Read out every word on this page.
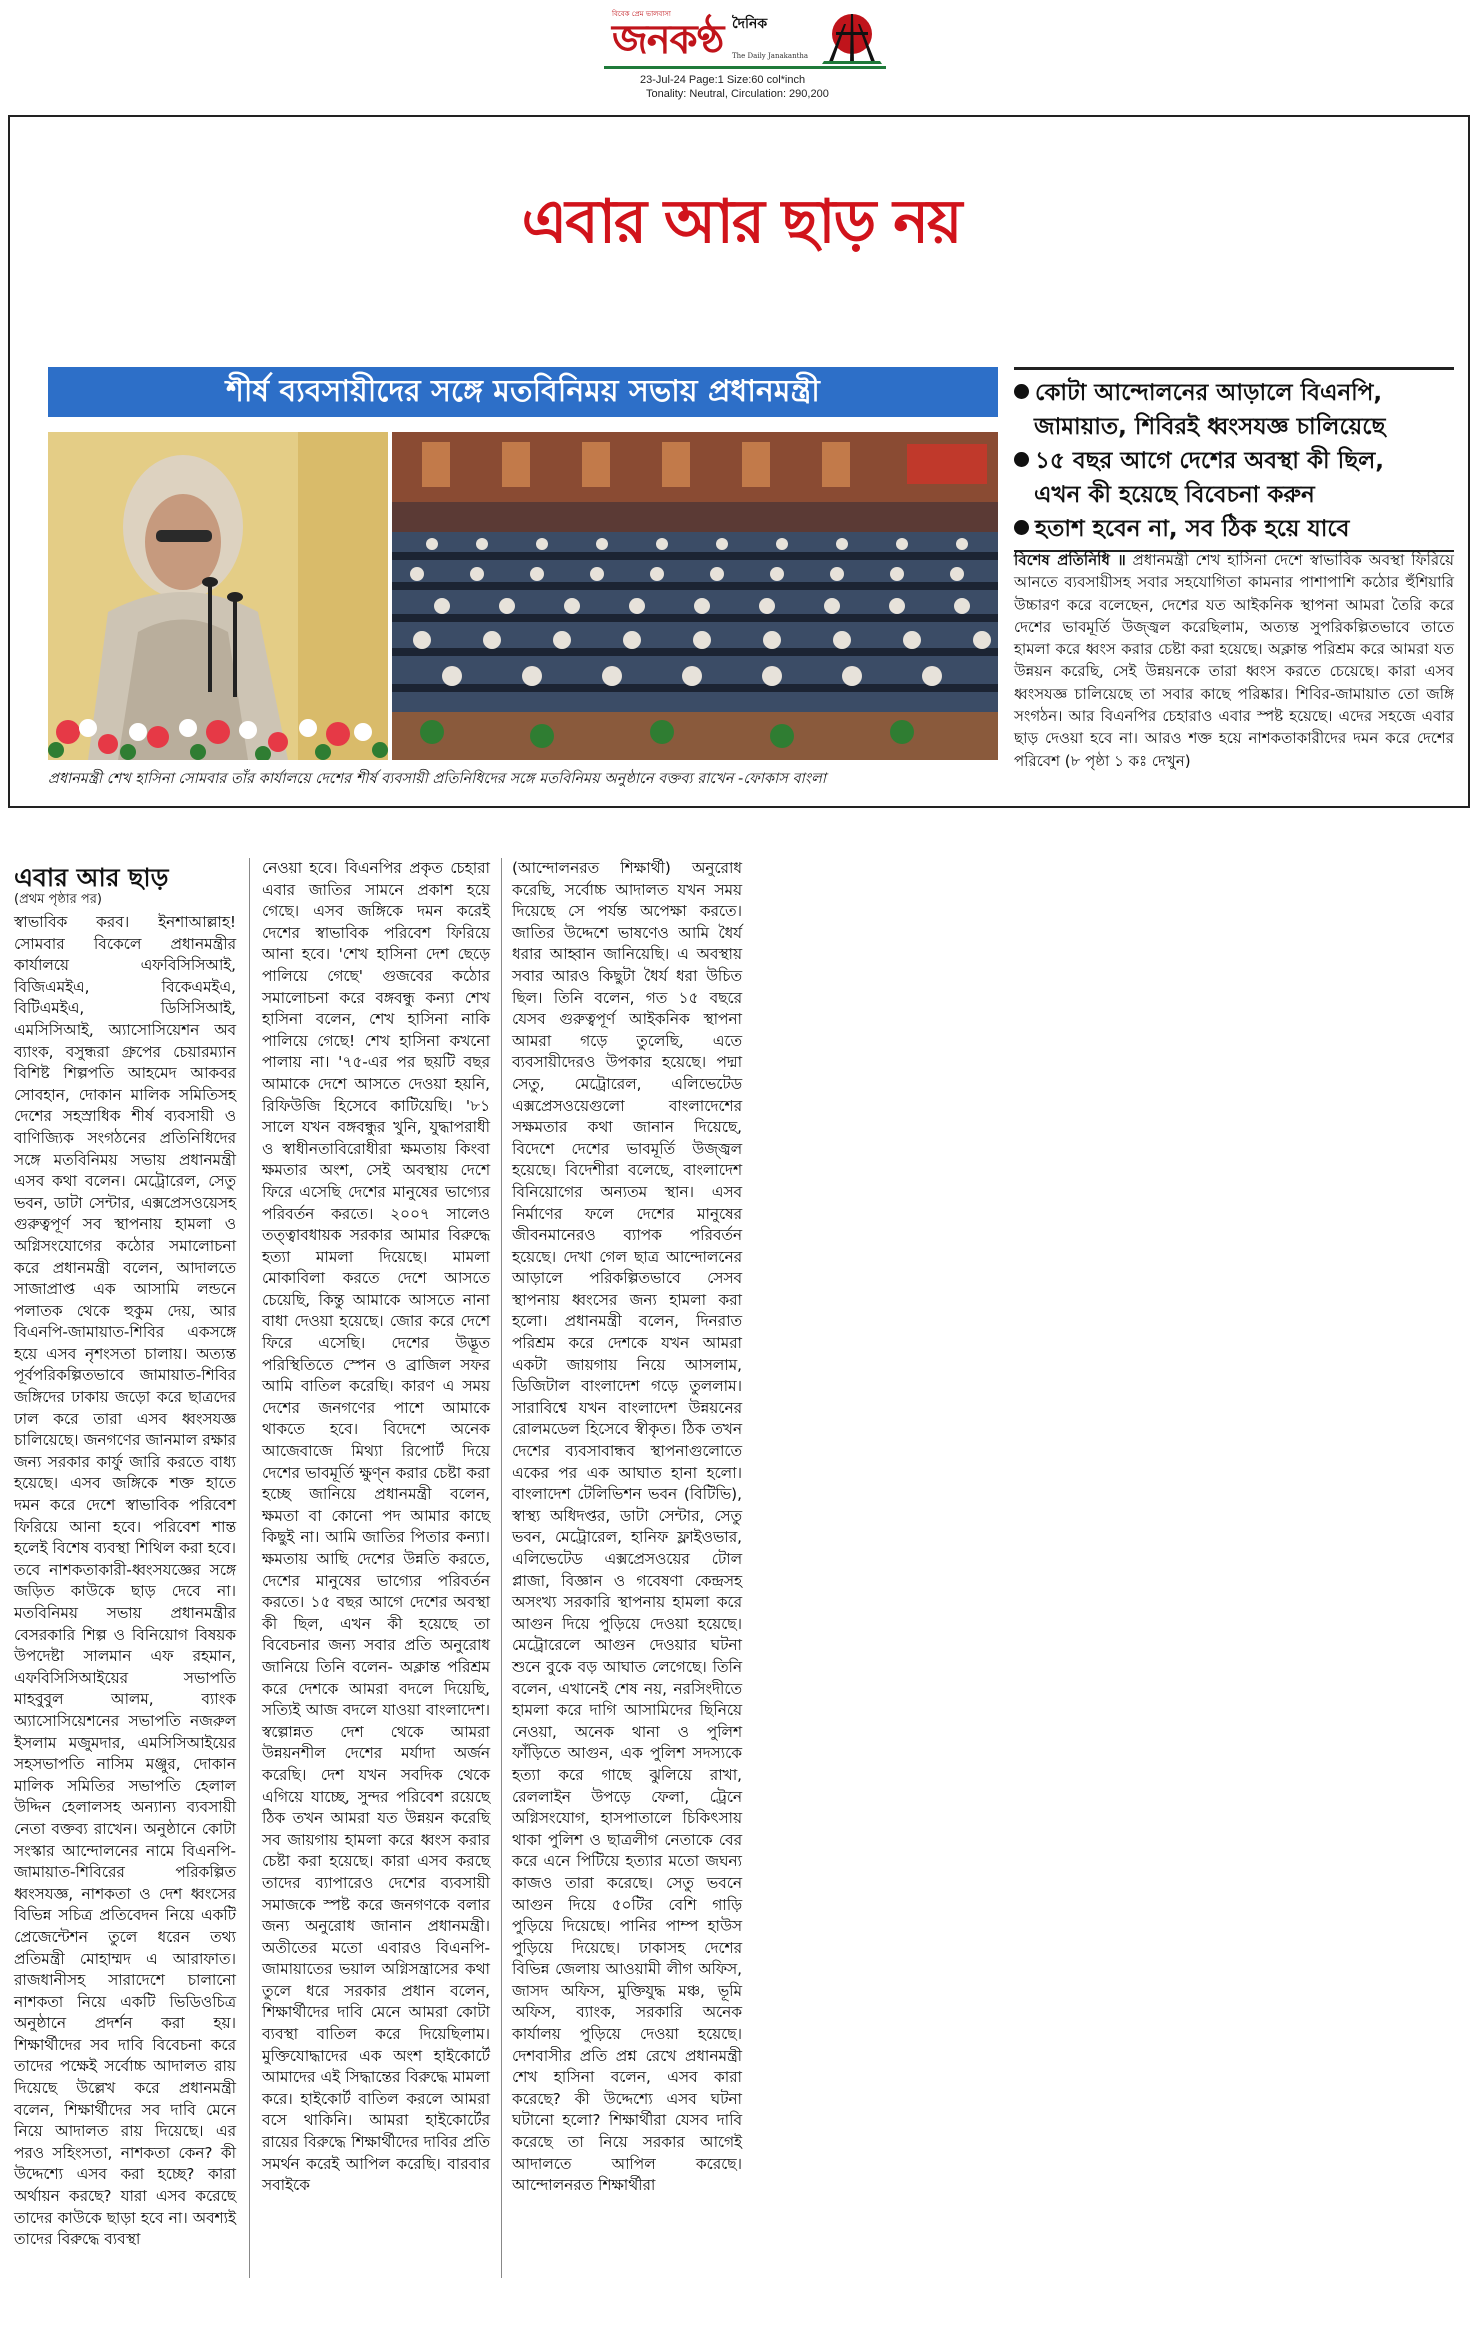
বিবেক প্রেম ভালবাসা
দৈনিক
জনকণ্ঠ The Daily Janakantha
23-Jul-24 Page:1 Size:60 col*inch
Tonality: Neutral, Circulation: 290,200
এবার আর ছাড় নয়
শীর্ষ ব্যবসায়ীদের সঙ্গে মতবিনিময় সভায় প্রধানমন্ত্রী
প্রধানমন্ত্রী শেখ হাসিনা সোমবার তাঁর কার্যালয়ে দেশের শীর্ষ ব্যবসায়ী প্রতিনিধিদের সঙ্গে মতবিনিময় অনুষ্ঠানে বক্তব্য রাখেন -ফোকাস বাংলা
কোটা আন্দোলনের আড়ালে বিএনপি,
জামায়াত, শিবিরই ধ্বংসযজ্ঞ চালিয়েছে
১৫ বছর আগে দেশের অবস্থা কী ছিল,
এখন কী হয়েছে বিবেচনা করুন
হতাশ হবেন না, সব ঠিক হয়ে যাবে
বিশেষ প্রতিনিধি ॥ প্রধানমন্ত্রী শেখ হাসিনা দেশে স্বাভাবিক অবস্থা ফিরিয়ে আনতে ব্যবসায়ীসহ সবার সহযোগিতা কামনার পাশাপাশি কঠোর হুঁশিয়ারি উচ্চারণ করে বলেছেন, দেশের যত আইকনিক স্থাপনা আমরা তৈরি করে দেশের ভাবমূর্তি উজ্জ্বল করেছিলাম, অত্যন্ত সুপরিকল্পিতভাবে তাতে হামলা করে ধ্বংস করার চেষ্টা করা হয়েছে। অক্লান্ত পরিশ্রম করে আমরা যত উন্নয়ন করেছি, সেই উন্নয়নকে তারা ধ্বংস করতে চেয়েছে। কারা এসব ধ্বংসযজ্ঞ চালিয়েছে তা সবার কাছে পরিষ্কার। শিবির-জামায়াত তো জঙ্গি সংগঠন। আর বিএনপির চেহারাও এবার স্পষ্ট হয়েছে। এদের সহজে এবার ছাড় দেওয়া হবে না। আরও শক্ত হয়ে নাশকতাকারীদের দমন করে দেশের পরিবেশ (৮ পৃষ্ঠা ১ কঃ দেখুন)
এবার আর ছাড়
(প্রথম পৃষ্ঠার পর)
স্বাভাবিক করব। ইনশাআল্লাহ! সোমবার বিকেলে প্রধানমন্ত্রীর কার্যালয়ে এফবিসিসিআই, বিজিএমইএ, বিকেএমইএ, বিটিএমইএ, ডিসিসিআই, এমসিসিআই, অ্যাসোসিয়েশন অব ব্যাংক, বসুন্ধরা গ্রুপের চেয়ারম্যান বিশিষ্ট শিল্পপতি আহমেদ আকবর সোবহান, দোকান মালিক সমিতিসহ দেশের সহস্রাধিক শীর্ষ ব্যবসায়ী ও বাণিজ্যিক সংগঠনের প্রতিনিধিদের সঙ্গে মতবিনিময় সভায় প্রধানমন্ত্রী এসব কথা বলেন। মেট্রোরেল, সেতু ভবন, ডাটা সেন্টার, এক্সপ্রেসওয়েসহ গুরুত্বপূর্ণ সব স্থাপনায় হামলা ও অগ্নিসংযোগের কঠোর সমালোচনা করে প্রধানমন্ত্রী বলেন, আদালতে সাজাপ্রাপ্ত এক আসামি লন্ডনে পলাতক থেকে হুকুম দেয়, আর বিএনপি-জামায়াত-শিবির একসঙ্গে হয়ে এসব নৃশংসতা চালায়। অত্যন্ত পূর্বপরিকল্পিতভাবে জামায়াত-শিবির জঙ্গিদের ঢাকায় জড়ো করে ছাত্রদের ঢাল করে তারা এসব ধ্বংসযজ্ঞ চালিয়েছে। জনগণের জানমাল রক্ষার জন্য সরকার কার্ফু জারি করতে বাধ্য হয়েছে। এসব জঙ্গিকে শক্ত হাতে দমন করে দেশে স্বাভাবিক পরিবেশ ফিরিয়ে আনা হবে। পরিবেশ শান্ত হলেই বিশেষ ব্যবস্থা শিথিল করা হবে। তবে নাশকতাকারী-ধ্বংসযজ্ঞের সঙ্গে জড়িত কাউকে ছাড় দেবে না। মতবিনিময় সভায় প্রধানমন্ত্রীর বেসরকারি শিল্প ও বিনিয়োগ বিষয়ক উপদেষ্টা সালমান এফ রহমান, এফবিসিসিআইয়ের সভাপতি মাহবুবুল আলম, ব্যাংক অ্যাসোসিয়েশনের সভাপতি নজরুল ইসলাম মজুমদার, এমসিসিআইয়ের সহসভাপতি নাসিম মঞ্জুর, দোকান মালিক সমিতির সভাপতি হেলাল উদ্দিন হেলালসহ অন্যান্য ব্যবসায়ী নেতা বক্তব্য রাখেন। অনুষ্ঠানে কোটা সংস্কার আন্দোলনের নামে বিএনপি-জামায়াত-শিবিরের পরিকল্পিত ধ্বংসযজ্ঞ, নাশকতা ও দেশ ধ্বংসের বিভিন্ন সচিত্র প্রতিবেদন নিয়ে একটি প্রেজেন্টেশন তুলে ধরেন তথ্য প্রতিমন্ত্রী মোহাম্মদ এ আরাফাত। রাজধানীসহ সারাদেশে চালানো নাশকতা নিয়ে একটি ভিডিওচিত্র অনুষ্ঠানে প্রদর্শন করা হয়। শিক্ষার্থীদের সব দাবি বিবেচনা করে তাদের পক্ষেই সর্বোচ্চ আদালত রায় দিয়েছে উল্লেখ করে প্রধানমন্ত্রী বলেন, শিক্ষার্থীদের সব দাবি মেনে নিয়ে আদালত রায় দিয়েছে। এর পরও সহিংসতা, নাশকতা কেন? কী উদ্দেশ্যে এসব করা হচ্ছে? কারা অর্থায়ন করছে? যারা এসব করেছে তাদের কাউকে ছাড়া হবে না। অবশ্যই তাদের বিরুদ্ধে ব্যবস্থা
নেওয়া হবে। বিএনপির প্রকৃত চেহারা এবার জাতির সামনে প্রকাশ হয়ে গেছে। এসব জঙ্গিকে দমন করেই দেশের স্বাভাবিক পরিবেশ ফিরিয়ে আনা হবে। 'শেখ হাসিনা দেশ ছেড়ে পালিয়ে গেছে' গুজবের কঠোর সমালোচনা করে বঙ্গবন্ধু কন্যা শেখ হাসিনা বলেন, শেখ হাসিনা নাকি পালিয়ে গেছে! শেখ হাসিনা কখনো পালায় না। '৭৫-এর পর ছয়টি বছর আমাকে দেশে আসতে দেওয়া হয়নি, রিফিউজি হিসেবে কাটিয়েছি। '৮১ সালে যখন বঙ্গবন্ধুর খুনি, যুদ্ধাপরাধী ও স্বাধীনতাবিরোধীরা ক্ষমতায় কিংবা ক্ষমতার অংশ, সেই অবস্থায় দেশে ফিরে এসেছি দেশের মানুষের ভাগ্যের পরিবর্তন করতে। ২০০৭ সালেও তত্ত্বাবধায়ক সরকার আমার বিরুদ্ধে হত্যা মামলা দিয়েছে। মামলা মোকাবিলা করতে দেশে আসতে চেয়েছি, কিন্তু আমাকে আসতে নানা বাধা দেওয়া হয়েছে। জোর করে দেশে ফিরে এসেছি। দেশের উদ্ভূত পরিস্থিতিতে স্পেন ও ব্রাজিল সফর আমি বাতিল করেছি। কারণ এ সময় দেশের জনগণের পাশে আমাকে থাকতে হবে। বিদেশে অনেক আজেবাজে মিথ্যা রিপোর্ট দিয়ে দেশের ভাবমূর্তি ক্ষুণ্ন করার চেষ্টা করা হচ্ছে জানিয়ে প্রধানমন্ত্রী বলেন, ক্ষমতা বা কোনো পদ আমার কাছে কিছুই না। আমি জাতির পিতার কন্যা। ক্ষমতায় আছি দেশের উন্নতি করতে, দেশের মানুষের ভাগ্যের পরিবর্তন করতে। ১৫ বছর আগে দেশের অবস্থা কী ছিল, এখন কী হয়েছে তা বিবেচনার জন্য সবার প্রতি অনুরোধ জানিয়ে তিনি বলেন- অক্লান্ত পরিশ্রম করে দেশকে আমরা বদলে দিয়েছি, সত্যিই আজ বদলে যাওয়া বাংলাদেশ। স্বল্পোন্নত দেশ থেকে আমরা উন্নয়নশীল দেশের মর্যাদা অর্জন করেছি। দেশ যখন সবদিক থেকে এগিয়ে যাচ্ছে, সুন্দর পরিবেশ রয়েছে ঠিক তখন আমরা যত উন্নয়ন করেছি সব জায়গায় হামলা করে ধ্বংস করার চেষ্টা করা হয়েছে। কারা এসব করছে তাদের ব্যাপারেও দেশের ব্যবসায়ী সমাজকে স্পষ্ট করে জনগণকে বলার জন্য অনুরোধ জানান প্রধানমন্ত্রী। অতীতের মতো এবারও বিএনপি-জামায়াতের ভয়াল অগ্নিসন্ত্রাসের কথা তুলে ধরে সরকার প্রধান বলেন, শিক্ষার্থীদের দাবি মেনে আমরা কোটা ব্যবস্থা বাতিল করে দিয়েছিলাম। মুক্তিযোদ্ধাদের এক অংশ হাইকোর্টে আমাদের এই সিদ্ধান্তের বিরুদ্ধে মামলা করে। হাইকোর্ট বাতিল করলে আমরা বসে থাকিনি। আমরা হাইকোর্টের রায়ের বিরুদ্ধে শিক্ষার্থীদের দাবির প্রতি সমর্থন করেই আপিল করেছি। বারবার সবাইকে
(আন্দোলনরত শিক্ষার্থী) অনুরোধ করেছি, সর্বোচ্চ আদালত যখন সময় দিয়েছে সে পর্যন্ত অপেক্ষা করতে। জাতির উদ্দেশে ভাষণেও আমি ধৈর্য ধরার আহ্বান জানিয়েছি। এ অবস্থায় সবার আরও কিছুটা ধৈর্য ধরা উচিত ছিল। তিনি বলেন, গত ১৫ বছরে যেসব গুরুত্বপূর্ণ আইকনিক স্থাপনা আমরা গড়ে তুলেছি, এতে ব্যবসায়ীদেরও উপকার হয়েছে। পদ্মা সেতু, মেট্রোরেল, এলিভেটেড এক্সপ্রেসওয়েগুলো বাংলাদেশের সক্ষমতার কথা জানান দিয়েছে, বিদেশে দেশের ভাবমূর্তি উজ্জ্বল হয়েছে। বিদেশীরা বলেছে, বাংলাদেশ বিনিয়োগের অন্যতম স্থান। এসব নির্মাণের ফলে দেশের মানুষের জীবনমানেরও ব্যাপক পরিবর্তন হয়েছে। দেখা গেল ছাত্র আন্দোলনের আড়ালে পরিকল্পিতভাবে সেসব স্থাপনায় ধ্বংসের জন্য হামলা করা হলো। প্রধানমন্ত্রী বলেন, দিনরাত পরিশ্রম করে দেশকে যখন আমরা একটা জায়গায় নিয়ে আসলাম, ডিজিটাল বাংলাদেশ গড়ে তুললাম। সারাবিশ্বে যখন বাংলাদেশ উন্নয়নের রোলমডেল হিসেবে স্বীকৃত। ঠিক তখন দেশের ব্যবসাবান্ধব স্থাপনাগুলোতে একের পর এক আঘাত হানা হলো। বাংলাদেশ টেলিভিশন ভবন (বিটিভি), স্বাস্থ্য অধিদপ্তর, ডাটা সেন্টার, সেতু ভবন, মেট্রোরেল, হানিফ ফ্লাইওভার, এলিভেটেড এক্সপ্রেসওয়ের টোল প্লাজা, বিজ্ঞান ও গবেষণা কেন্দ্রসহ অসংখ্য সরকারি স্থাপনায় হামলা করে আগুন দিয়ে পুড়িয়ে দেওয়া হয়েছে। মেট্রোরেলে আগুন দেওয়ার ঘটনা শুনে বুকে বড় আঘাত লেগেছে। তিনি বলেন, এখানেই শেষ নয়, নরসিংদীতে হামলা করে দাগি আসামিদের ছিনিয়ে নেওয়া, অনেক থানা ও পুলিশ ফাঁড়িতে আগুন, এক পুলিশ সদস্যকে হত্যা করে গাছে ঝুলিয়ে রাখা, রেললাইন উপড়ে ফেলা, ট্রেনে অগ্নিসংযোগ, হাসপাতালে চিকিৎসায় থাকা পুলিশ ও ছাত্রলীগ নেতাকে বের করে এনে পিটিয়ে হত্যার মতো জঘন্য কাজও তারা করেছে। সেতু ভবনে আগুন দিয়ে ৫০টির বেশি গাড়ি পুড়িয়ে দিয়েছে। পানির পাম্প হাউস পুড়িয়ে দিয়েছে। ঢাকাসহ দেশের বিভিন্ন জেলায় আওয়ামী লীগ অফিস, জাসদ অফিস, মুক্তিযুদ্ধ মঞ্চ, ভূমি অফিস, ব্যাংক, সরকারি অনেক কার্যালয় পুড়িয়ে দেওয়া হয়েছে। দেশবাসীর প্রতি প্রশ্ন রেখে প্রধানমন্ত্রী শেখ হাসিনা বলেন, এসব কারা করেছে? কী উদ্দেশ্যে এসব ঘটনা ঘটানো হলো? শিক্ষার্থীরা যেসব দাবি করেছে তা নিয়ে সরকার আগেই আদালতে আপিল করেছে। আন্দোলনরত শিক্ষার্থীরা
